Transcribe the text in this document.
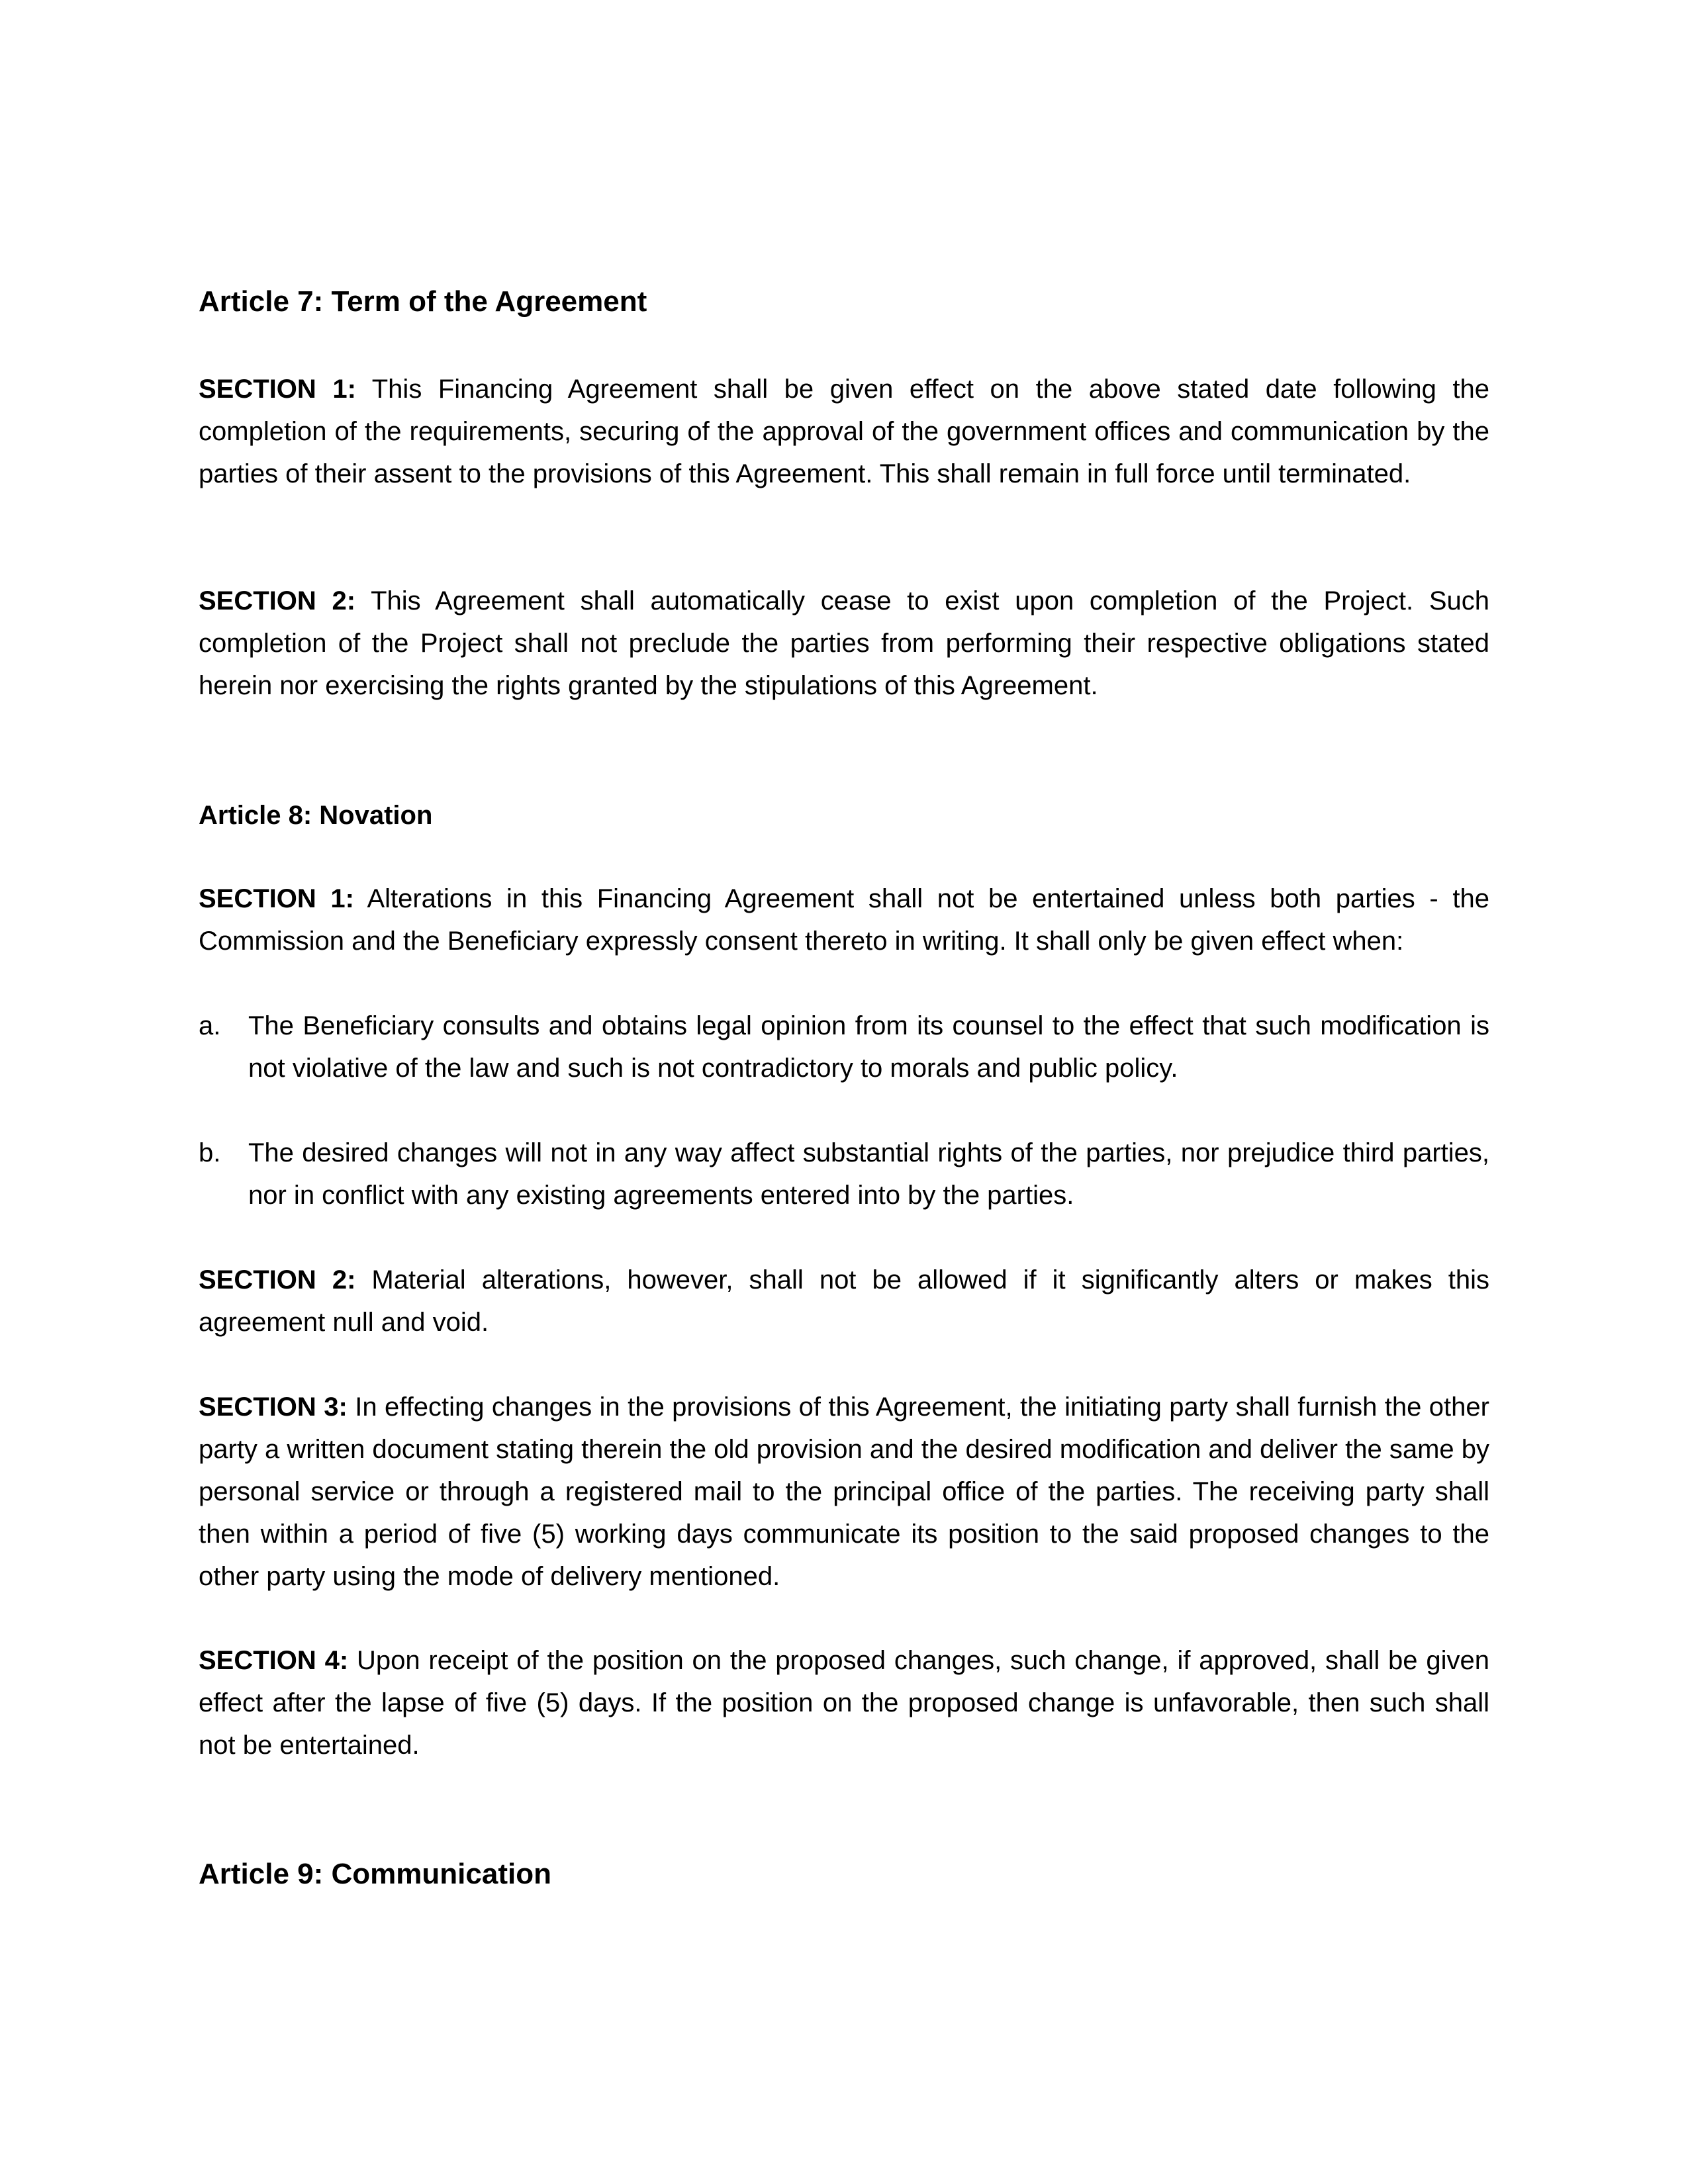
Article 7: Term of the Agreement

SECTION 1: This Financing Agreement shall be given effect on the above stated date following the completion of the requirements, securing of the approval of the government offices and communication by the parties of their assent to the provisions of this Agreement. This shall remain in full force until terminated.

SECTION 2: This Agreement shall automatically cease to exist upon completion of the Project. Such completion of the Project shall not preclude the parties from performing their respective obligations stated herein nor exercising the rights granted by the stipulations of this Agreement.

Article 8: Novation

SECTION 1: Alterations in this Financing Agreement shall not be entertained unless both parties - the Commission and the Beneficiary expressly consent thereto in writing. It shall only be given effect when:

a. The Beneficiary consults and obtains legal opinion from its counsel to the effect that such modification is not violative of the law and such is not contradictory to morals and public policy.
b. The desired changes will not in any way affect substantial rights of the parties, nor prejudice third parties, nor in conflict with any existing agreements entered into by the parties.

SECTION 2: Material alterations, however, shall not be allowed if it significantly alters or makes this agreement null and void.

SECTION 3: In effecting changes in the provisions of this Agreement, the initiating party shall furnish the other party a written document stating therein the old provision and the desired modification and deliver the same by personal service or through a registered mail to the principal office of the parties. The receiving party shall then within a period of five (5) working days communicate its position to the said proposed changes to the other party using the mode of delivery mentioned.

SECTION 4: Upon receipt of the position on the proposed changes, such change, if approved, shall be given effect after the lapse of five (5) days. If the position on the proposed change is unfavorable, then such shall not be entertained.

Article 9: Communication
